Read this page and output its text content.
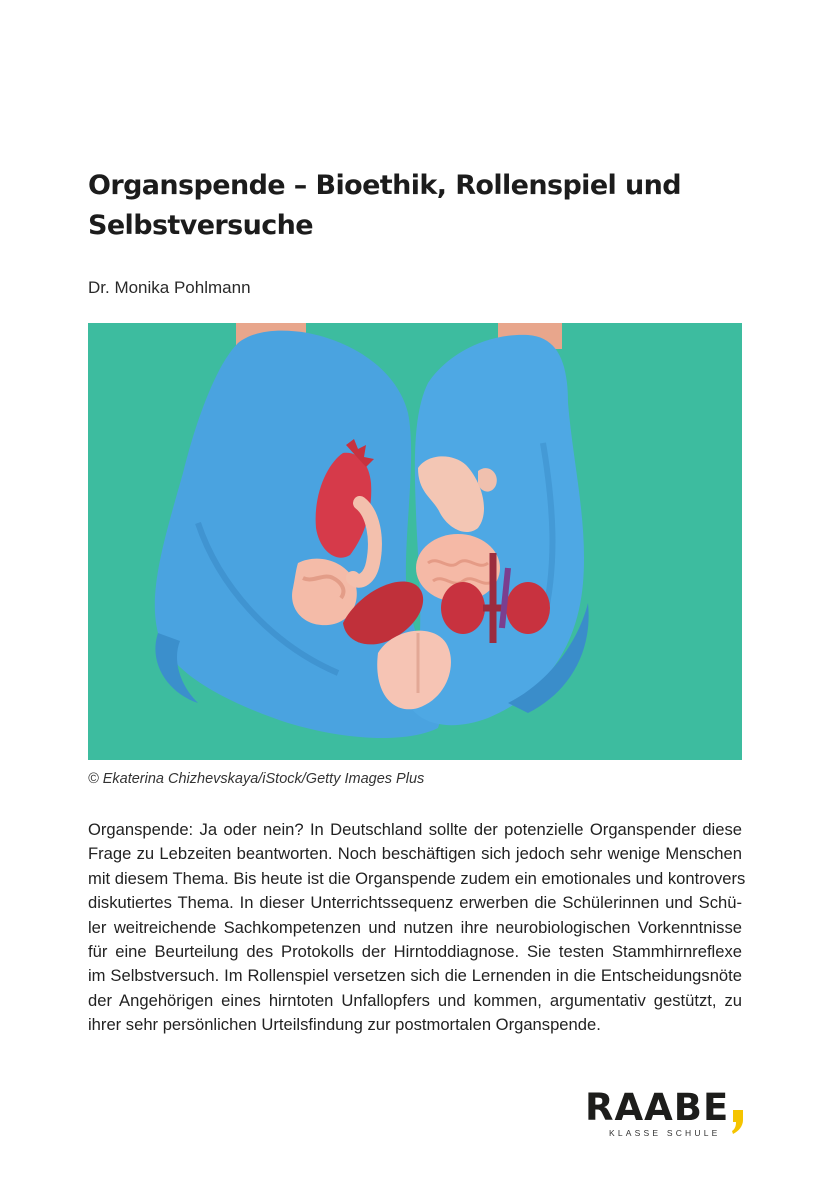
Organspende – Bioethik, Rollenspiel und
Selbstversuche
Dr. Monika Pohlmann
© Ekaterina Chizhevskaya/iStock/Getty Images Plus
Organspende: Ja oder nein? In Deutschland sollte der potenzielle Organspender diese
Frage zu Lebzeiten beantworten. Noch beschäftigen sich jedoch sehr wenige Menschen
mit diesem Thema. Bis heute ist die Organspende zudem ein emotionales und kontrovers
diskutiertes Thema. In dieser Unterrichtssequenz erwerben die Schülerinnen und Schü-
ler weitreichende Sachkompetenzen und nutzen ihre neurobiologischen Vorkenntnisse
für eine Beurteilung des Protokolls der Hirntoddiagnose. Sie testen Stammhirnreflexe
im Selbstversuch. Im Rollenspiel versetzen sich die Lernenden in die Entscheidungsnöte
der Angehörigen eines hirntoten Unfallopfers und kommen, argumentativ gestützt, zu
ihrer sehr persönlichen Urteilsfindung zur postmortalen Organspende.
RAABE
KLASSE SCHULE
